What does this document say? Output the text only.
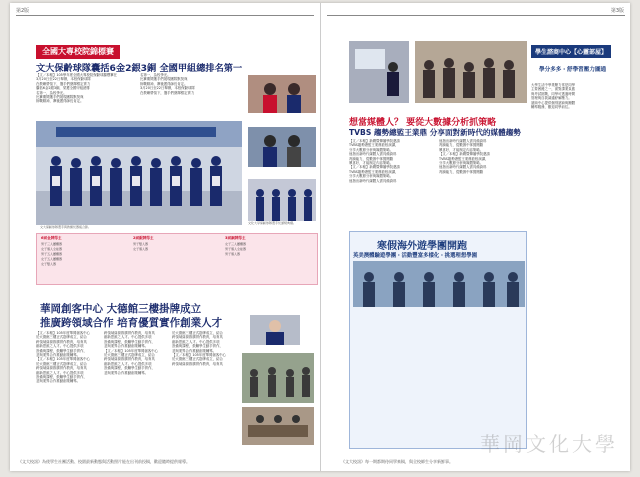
第2版
全國大專校院錦標賽
文大保齡球隊囊括6金2銀3銅 全國甲組總排名第一
【文／本報】105學年度全國大專校院保齡球錦標賽在
3月20日至22日舉辦，本校保齡球隊
在教練帶領下，選手們發揮穩定實力
囊括6金2銀3銅，榮獲全國甲組總排
名第一，為校爭光。
比賽期間選手們展現團隊默契與
拚戰精神，賽後獲得師長肯定。
名第一，為校爭光。
比賽期間選手們展現團隊默契與
拚戰精神，賽後獲得師長肯定。
3月20日至22日舉辦，本校保齡球隊
在教練帶領下，選手們發揮穩定實力
文大保齡球隊選手與教練於賽後合影。
文化大學保齡球隊選手於頒獎典禮。
6面金牌得主
男子三人團體賽
女子個人全能賽
男子五人團體賽
女子五人團體賽
女子雙人賽
2面銀牌得主
男子雙人賽
女子個人賽
3面銅牌得主
女子三人團體賽
男子個人全能賽
男子個人賽
華岡創客中心 大德館三樓掛牌成立
推廣跨領域合作 培育優質實作創業人才
【文／本報】105年度華岡創客中心
於大德館三樓正式掛牌成立，結合
跨領域資源推廣實作教育，培育具
創新思維之人才。中心提供多項
設備與課程，鼓勵學生動手實作，
並與業界合作推動創業輔導。
【文／本報】105年度華岡創客中心
於大德館三樓正式掛牌成立，結合
跨領域資源推廣實作教育，培育具
創新思維之人才。中心提供多項
設備與課程，鼓勵學生動手實作，
並與業界合作推動創業輔導。
跨領域資源推廣實作教育，培育具
創新思維之人才。中心提供多項
設備與課程，鼓勵學生動手實作，
並與業界合作推動創業輔導。
【文／本報】105年度華岡創客中心
於大德館三樓正式掛牌成立，結合
跨領域資源推廣實作教育，培育具
創新思維之人才。中心提供多項
設備與課程，鼓勵學生動手實作，
並與業界合作推動創業輔導。
於大德館三樓正式掛牌成立，結合
跨領域資源推廣實作教育，培育具
創新思維之人才。中心提供多項
設備與課程，鼓勵學生動手實作，
並與業界合作推動創業輔導。
【文／本報】105年度華岡創客中心
於大德館三樓正式掛牌成立，結合
跨領域資源推廣實作教育，培育具
《文大校訊》為使學生社團活動、校園最新動態與活動照片能在出刊前投稿，歡迎隨時提供報導。
第3版
想當媒體人？ 要從大數據分析抓策略
TVBS 趨勢總監王業鼎 分享面對新時代的媒體趨勢
【文／本報】新聞暨傳播學院邀請
TVBS趨勢總監王業鼎蒞校演講，
分享大數據分析與媒體策略。
他指出新時代媒體人需具備資料
判讀能力，從數據中掌握閱聽
眾喜好，才能制定內容策略。
【文／本報】新聞暨傳播學院邀請
TVBS趨勢總監王業鼎蒞校演講，
分享大數據分析與媒體策略。
他指出新時代媒體人需具備資料
他指出新時代媒體人需具備資料
判讀能力，從數據中掌握閱聽
眾喜好，才能制定內容策略。
【文／本報】新聞暨傳播學院邀請
TVBS趨勢總監王業鼎蒞校演講，
分享大數據分析與媒體策略。
他指出新時代媒體人需具備資料
判讀能力，從數據中掌握閱聽
寒假海外遊學團開跑
英美澳體驗遊學團・活動豐富多樣化・挑選理想學園
學生諮商中心【心靈部屋】
學分多多・舒學習壓力圖通
大學生活中學業壓力常是同學
主要困擾之一，面對課業負擔
與考試挑戰，同學可透過時間
管理與自我調適紓解壓力。
諮商中心提供個別諮商與團體
輔導服務，歡迎同學前往。
華岡文化大學
《文大校訊》每一期都期待同學來稿，與全校師生分享新鮮事。
